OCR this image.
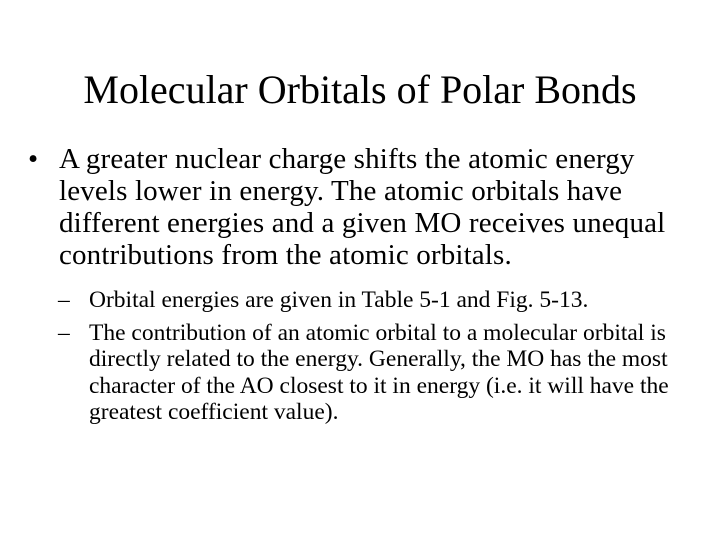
Molecular Orbitals of Polar Bonds
• A greater nuclear charge shifts the atomic energy levels lower in energy. The atomic orbitals have different energies and a given MO receives unequal contributions from the atomic orbitals.
– Orbital energies are given in Table 5-1 and Fig. 5-13.
– The contribution of an atomic orbital to a molecular orbital is directly related to the energy. Generally, the MO has the most character of the AO closest to it in energy (i.e. it will have the greatest coefficient value).
